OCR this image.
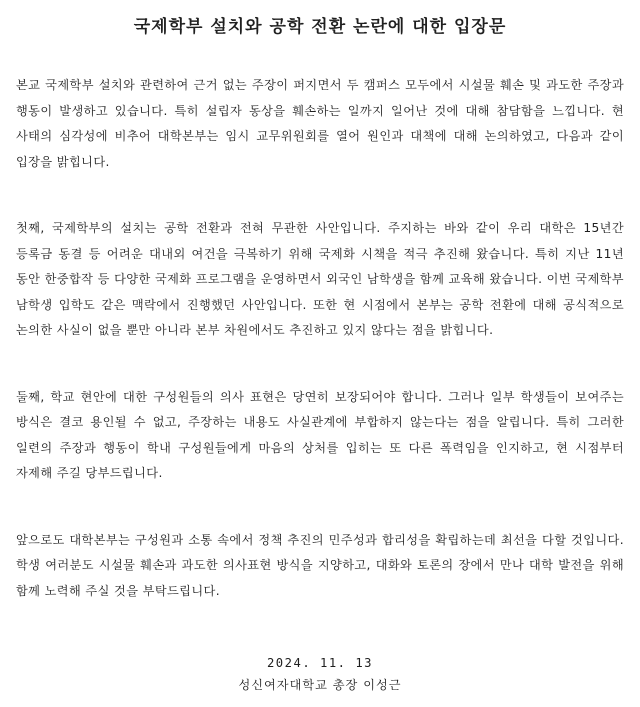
국제학부 설치와 공학 전환 논란에 대한 입장문

본교 국제학부 설치와 관련하여 근거 없는 주장이 퍼지면서 두 캠퍼스 모두에서 시설물 훼손 및 과도한 주장과 행동이 발생하고 있습니다. 특히 설립자 동상을 훼손하는 일까지 일어난 것에 대해 참담함을 느낍니다. 현 사태의 심각성에 비추어 대학본부는 임시 교무위원회를 열어 원인과 대책에 대해 논의하였고, 다음과 같이 입장을 밝힙니다.

첫째, 국제학부의 설치는 공학 전환과 전혀 무관한 사안입니다. 주지하는 바와 같이 우리 대학은 15년간 등록금 동결 등 어려운 대내외 여건을 극복하기 위해 국제화 시책을 적극 추진해 왔습니다. 특히 지난 11년 동안 한중합작 등 다양한 국제화 프로그램을 운영하면서 외국인 남학생을 함께 교육해 왔습니다. 이번 국제학부 남학생 입학도 같은 맥락에서 진행했던 사안입니다. 또한 현 시점에서 본부는 공학 전환에 대해 공식적으로 논의한 사실이 없을 뿐만 아니라 본부 차원에서도 추진하고 있지 않다는 점을 밝힙니다.

둘째, 학교 현안에 대한 구성원들의 의사 표현은 당연히 보장되어야 합니다. 그러나 일부 학생들이 보여주는 방식은 결코 용인될 수 없고, 주장하는 내용도 사실관계에 부합하지 않는다는 점을 알립니다. 특히 그러한 일련의 주장과 행동이 학내 구성원들에게 마음의 상처를 입히는 또 다른 폭력임을 인지하고, 현 시점부터 자제해 주길 당부드립니다.

앞으로도 대학본부는 구성원과 소통 속에서 정책 추진의 민주성과 합리성을 확립하는데 최선을 다할 것입니다. 학생 여러분도 시설물 훼손과 과도한 의사표현 방식을 지양하고, 대화와 토론의 장에서 만나 대학 발전을 위해 함께 노력해 주실 것을 부탁드립니다.

2024. 11. 13
성신여자대학교 총장 이성근
